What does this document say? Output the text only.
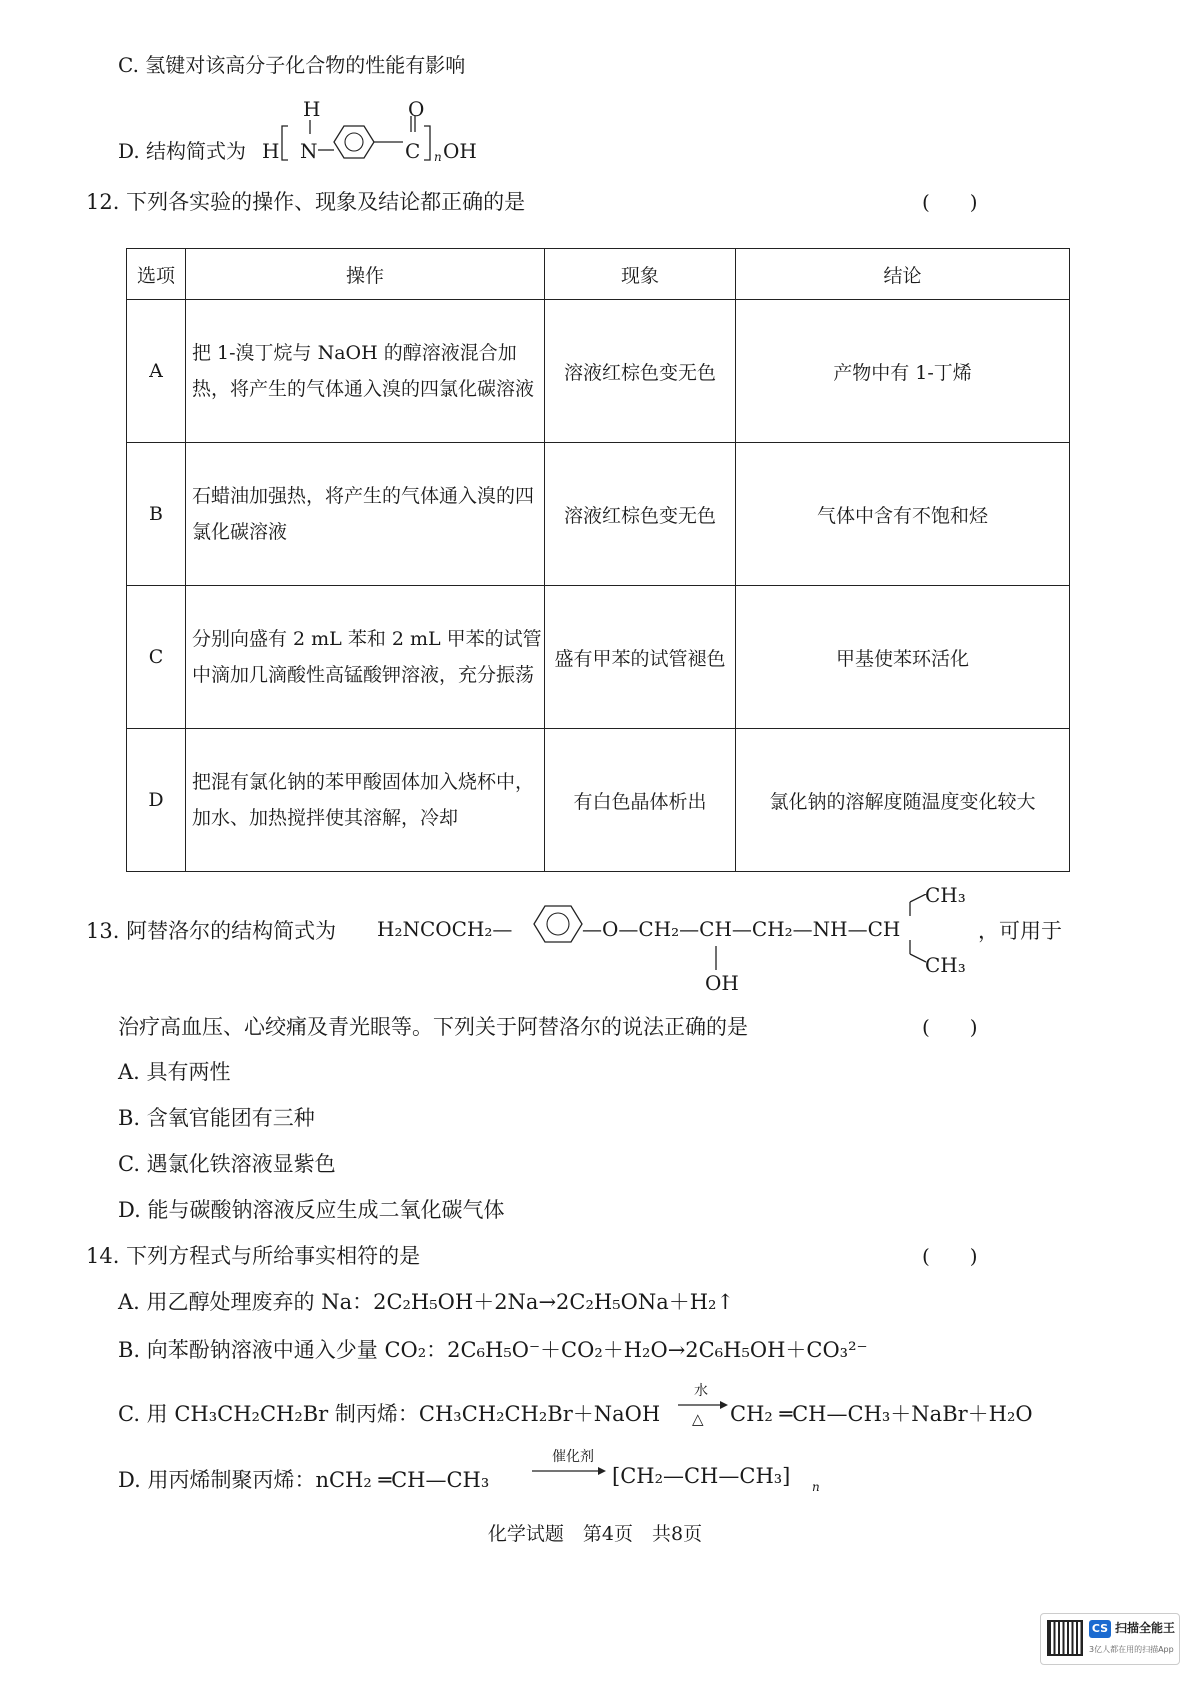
C. 氢键对该高分子化合物的性能有影响
D. 结构简式为
H	O
H N	C n OH
12. 下列各实验的操作、现象及结论都正确的是	(　　)
选项	操作	现象	结论
A	把 1-溴丁烷与 NaOH 的醇溶液混合加热，将产生的气体通入溴的四氯化碳溶液	溶液红棕色变无色	产物中有 1-丁烯
B	石蜡油加强热，将产生的气体通入溴的四氯化碳溶液	溶液红棕色变无色	气体中含有不饱和烃
C	分别向盛有 2 mL 苯和 2 mL 甲苯的试管中滴加几滴酸性高锰酸钾溶液，充分振荡	盛有甲苯的试管褪色	甲基使苯环活化
D	把混有氯化钠的苯甲酸固体加入烧杯中，加水、加热搅拌使其溶解，冷却	有白色晶体析出	氯化钠的溶解度随温度变化较大
13. 阿替洛尔的结构简式为 H₂NCOCH₂—	—O—CH₂—CH—CH₂—NH—CH
CH₃
CH₃
OH
，可用于
治疗高血压、心绞痛及青光眼等。下列关于阿替洛尔的说法正确的是	(　　)
A. 具有两性
B. 含氧官能团有三种
C. 遇氯化铁溶液显紫色
D. 能与碳酸钠溶液反应生成二氧化碳气体
14. 下列方程式与所给事实相符的是	(　　)
A. 用乙醇处理废弃的 Na：2C₂H₅OH＋2Na→2C₂H₅ONa＋H₂↑
B. 向苯酚钠溶液中通入少量 CO₂：2C₆H₅O⁻＋CO₂＋H₂O→2C₆H₅OH＋CO₃²⁻
C. 用 CH₃CH₂CH₂Br 制丙烯：CH₃CH₂CH₂Br＋NaOH
水
△ CH₂ ═CH—CH₃＋NaBr＋H₂O
D. 用丙烯制聚丙烯：nCH₂ ═CH—CH₃
催化剂
[CH₂—CH—CH₃] n
化学试题　第4页　共8页
CS 扫描全能王
3亿人都在用的扫描App
